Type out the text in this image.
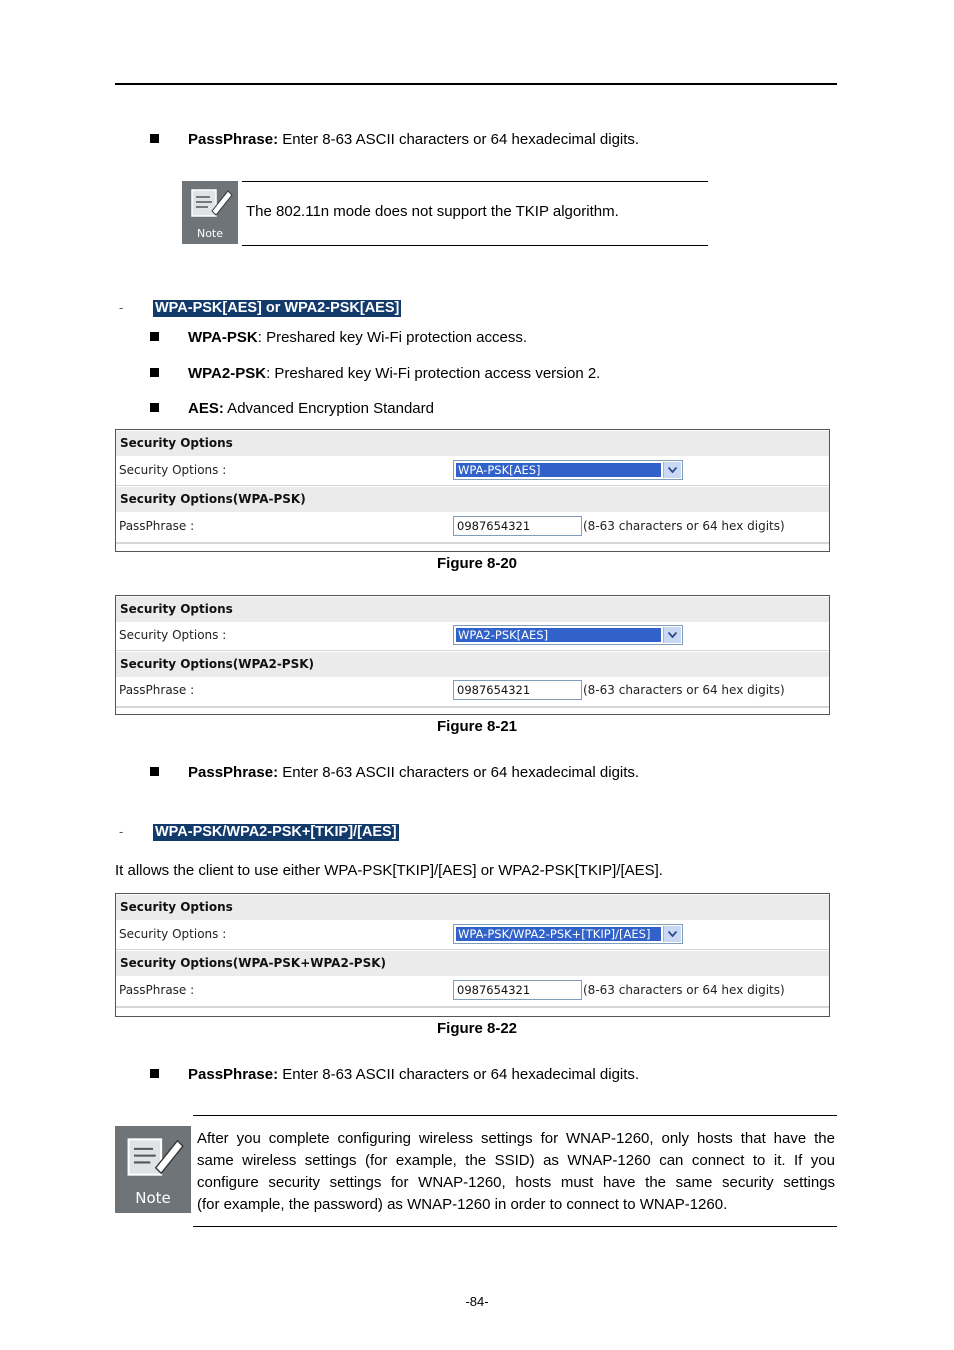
PassPhrase: Enter 8-63 ASCII characters or 64 hexadecimal digits.
Note
The 802.11n mode does not support the TKIP algorithm.
- WPA-PSK[AES] or WPA2-PSK[AES]
WPA-PSK: Preshared key Wi-Fi protection access.
WPA2-PSK: Preshared key Wi-Fi protection access version 2.
AES: Advanced Encryption Standard
Security Options
Security Options :	WPA-PSK[AES]
Security Options(WPA-PSK)
PassPhrase :	0987654321	(8-63 characters or 64 hex digits)
Figure 8-20
Security Options
Security Options :	WPA2-PSK[AES]
Security Options(WPA2-PSK)
PassPhrase :	0987654321	(8-63 characters or 64 hex digits)
Figure 8-21
PassPhrase: Enter 8-63 ASCII characters or 64 hexadecimal digits.
- WPA-PSK/WPA2-PSK+[TKIP]/[AES]
It allows the client to use either WPA-PSK[TKIP]/[AES] or WPA2-PSK[TKIP]/[AES].
Security Options
Security Options :	WPA-PSK/WPA2-PSK+[TKIP]/[AES]
Security Options(WPA-PSK+WPA2-PSK)
PassPhrase :	0987654321	(8-63 characters or 64 hex digits)
Figure 8-22
PassPhrase: Enter 8-63 ASCII characters or 64 hexadecimal digits.
Note
After you complete configuring wireless settings for WNAP-1260, only hosts that have the
same wireless settings (for example, the SSID) as WNAP-1260 can connect to it. If you
configure security settings for WNAP-1260, hosts must have the same security settings
(for example, the password) as WNAP-1260 in order to connect to WNAP-1260.
-84-
